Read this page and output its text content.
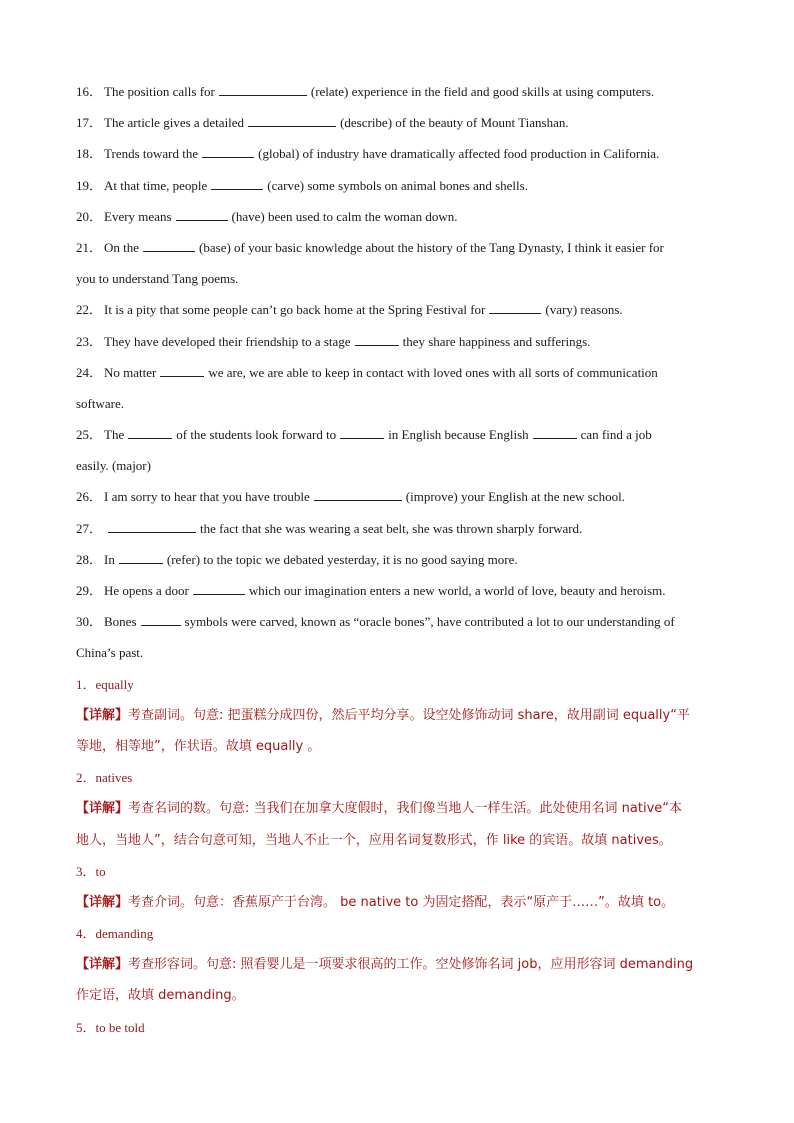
16． The position calls for	(relate) experience in the field and good skills at using computers.
17． The article gives a detailed	(describe) of the beauty of Mount Tianshan.
18． Trends toward the	(global) of industry have dramatically affected food production in California.
19． At that time, people	(carve) some symbols on animal bones and shells.
20． Every means	(have) been used to calm the woman down.
21． On the	(base) of your basic knowledge about the history of the Tang Dynasty, I think it easier for
you to understand Tang poems.
22． It is a pity that some people can’t go back home at the Spring Festival for	(vary) reasons.
23． They have developed their friendship to a stage	they share happiness and sufferings.
24． No matter	we are, we are able to keep in contact with loved ones with all sorts of communication
software.
25． The	of the students look forward to	in English because English	can find a job
easily. (major)
26． I am sorry to hear that you have trouble	(improve) your English at the new school.
27．	the fact that she was wearing a seat belt, she was thrown sharply forward.
28． In	(refer) to the topic we debated yesterday, it is no good saying more.
29． He opens a door	which our imagination enters a new world, a world of love, beauty and heroism.
30． Bones	symbols were carved, known as “oracle bones”, have contributed a lot to our understanding of
China’s past.
1．equally
【详解】考查副词。句意: 把蛋糕分成四份，然后平均分享。设空处修饰动词 share，故用副词 equally“平
等地，相等地”，作状语。故填 equally 。
2．natives
【详解】考查名词的数。句意: 当我们在加拿大度假时，我们像当地人一样生活。此处使用名词 native“本
地人，当地人”，结合句意可知，当地人不止一个，应用名词复数形式，作 like 的宾语。故填 natives。
3．to
【详解】考查介词。句意：香蕉原产于台湾。 be native to 为固定搭配，表示“原产于……”。故填 to。
4．demanding
【详解】考查形容词。句意: 照看婴儿是一项要求很高的工作。空处修饰名词 job，应用形容词 demanding
作定语，故填 demanding。
5．to be told
